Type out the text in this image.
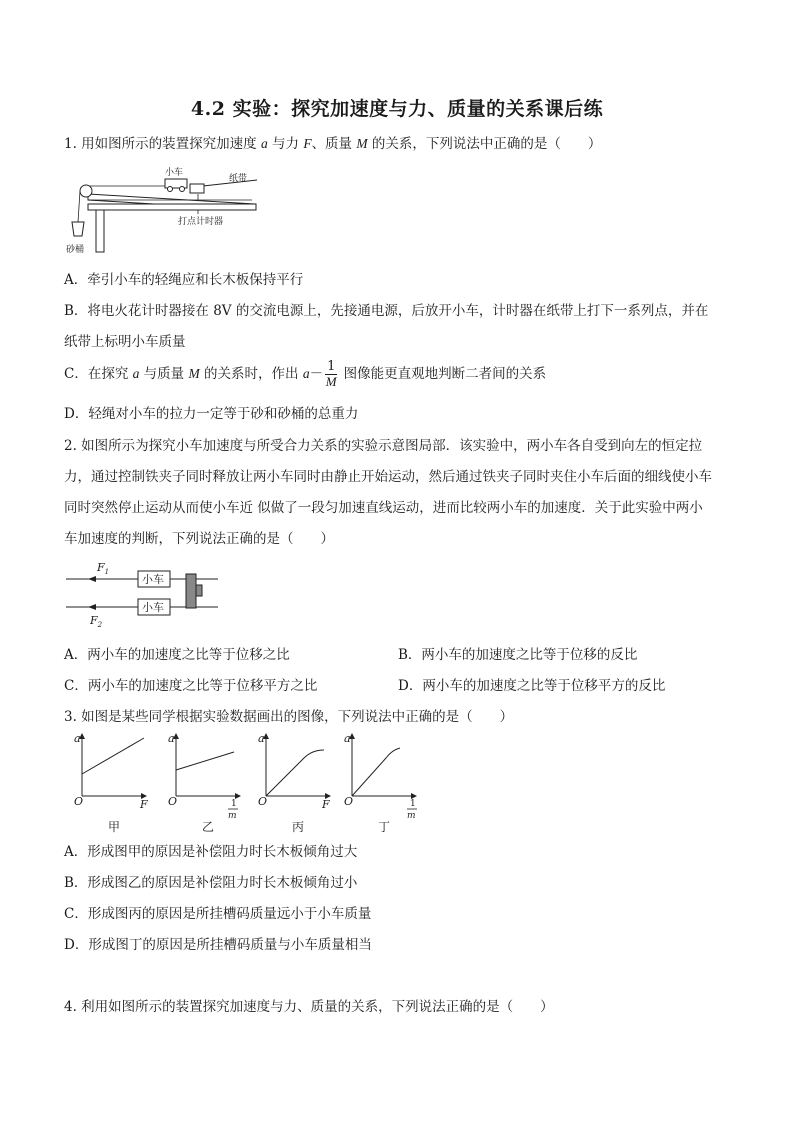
4.2 实验：探究加速度与力、质量的关系课后练
1. 用如图所示的装置探究加速度 a 与力 F、质量 M 的关系，下列说法中正确的是（　　）
纸带
小车
打点计时器
砂桶
A．牵引小车的轻绳应和长木板保持平行
B．将电火花计时器接在 8V 的交流电源上，先接通电源，后放开小车，计时器在纸带上打下一系列点，并在
纸带上标明小车质量
C．在探究 a 与质量 M 的关系时，作出 $a- \frac{1}{M}$ 图像能更直观地判断二者间的关系
D．轻绳对小车的拉力一定等于砂和砂桶的总重力
2. 如图所示为探究小车加速度与所受合力关系的实验示意图局部．该实验中，两小车各自受到向左的恒定拉
力，通过控制铁夹子同时释放让两小车同时由静止开始运动，然后通过铁夹子同时夹住小车后面的细线使小车
同时突然停止运动从而使小车近 似做了一段匀加速直线运动，进而比较两小车的加速度．关于此实验中两小
车加速度的判断，下列说法正确的是（　　）
小车
$F_1$
小车
$F_2$
A．两小车的加速度之比等于位移之比	B．两小车的加速度之比等于位移的反比
C．两小车的加速度之比等于位移平方之比	D．两小车的加速度之比等于位移平方的反比
3. 如图是某些同学根据实验数据画出的图像，下列说法中正确的是（　　）
a
O	F
甲
a
O	1
m
乙
a
O	F
丙
a
O	1
m
丁
A．形成图甲的原因是补偿阻力时长木板倾角过大
B．形成图乙的原因是补偿阻力时长木板倾角过小
C．形成图丙的原因是所挂槽码质量远小于小车质量
D．形成图丁的原因是所挂槽码质量与小车质量相当
4. 利用如图所示的装置探究加速度与力、质量的关系，下列说法正确的是（　　）
